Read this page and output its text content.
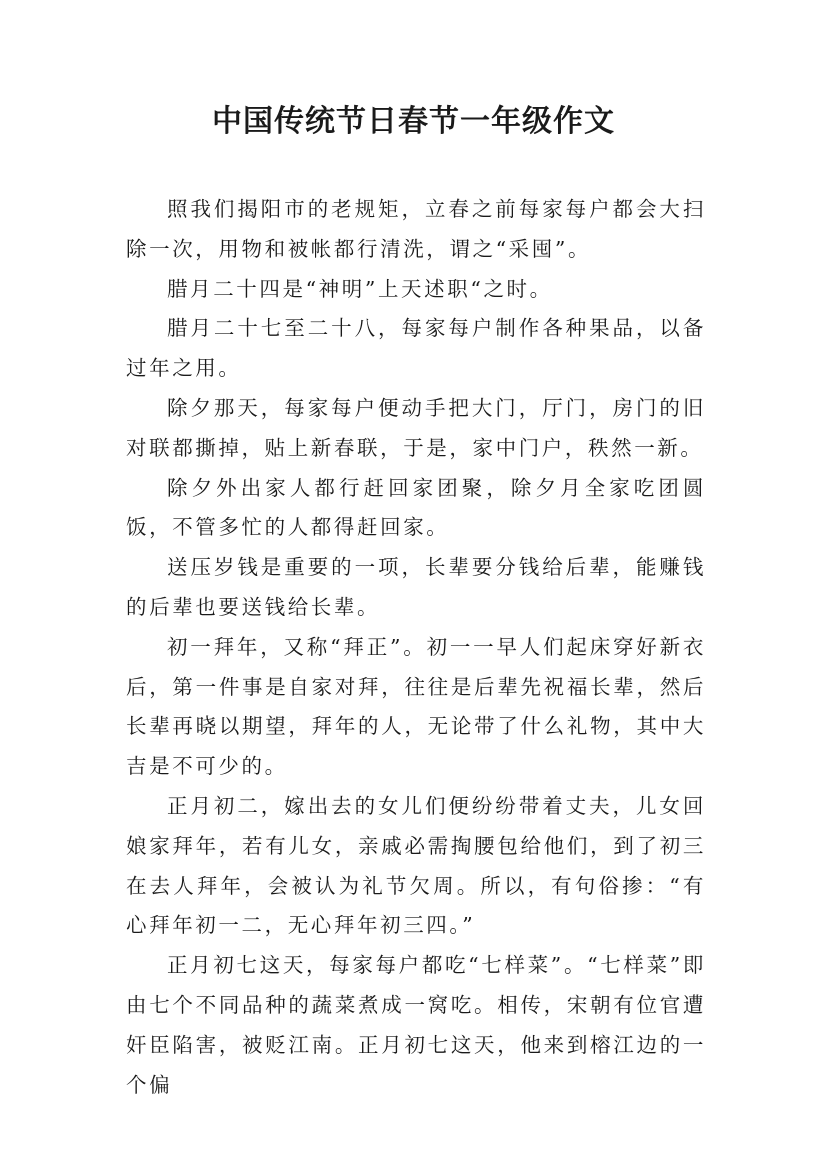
中国传统节日春节一年级作文

照我们揭阳市的老规矩，立春之前每家每户都会大扫除一次，用物和被帐都行清洗，谓之“采囤”。

腊月二十四是“神明”上天述职“之时。

腊月二十七至二十八，每家每户制作各种果品，以备过年之用。

除夕那天，每家每户便动手把大门，厅门，房门的旧对联都撕掉，贴上新春联，于是，家中门户，秩然一新。

除夕外出家人都行赶回家团聚，除夕月全家吃团圆饭，不管多忙的人都得赶回家。

送压岁钱是重要的一项，长辈要分钱给后辈，能赚钱的后辈也要送钱给长辈。

初一拜年，又称“拜正”。初一一早人们起床穿好新衣后，第一件事是自家对拜，往往是后辈先祝福长辈，然后长辈再晓以期望，拜年的人，无论带了什么礼物，其中大吉是不可少的。

正月初二，嫁出去的女儿们便纷纷带着丈夫，儿女回娘家拜年，若有儿女，亲戚必需掏腰包给他们，到了初三在去人拜年，会被认为礼节欠周。所以，有句俗掺：“有心拜年初一二，无心拜年初三四。”

正月初七这天，每家每户都吃“七样菜”。“七样菜”即由七个不同品种的蔬菜煮成一窝吃。相传，宋朝有位官遭奸臣陷害，被贬江南。正月初七这天，他来到榕江边的一个偏
